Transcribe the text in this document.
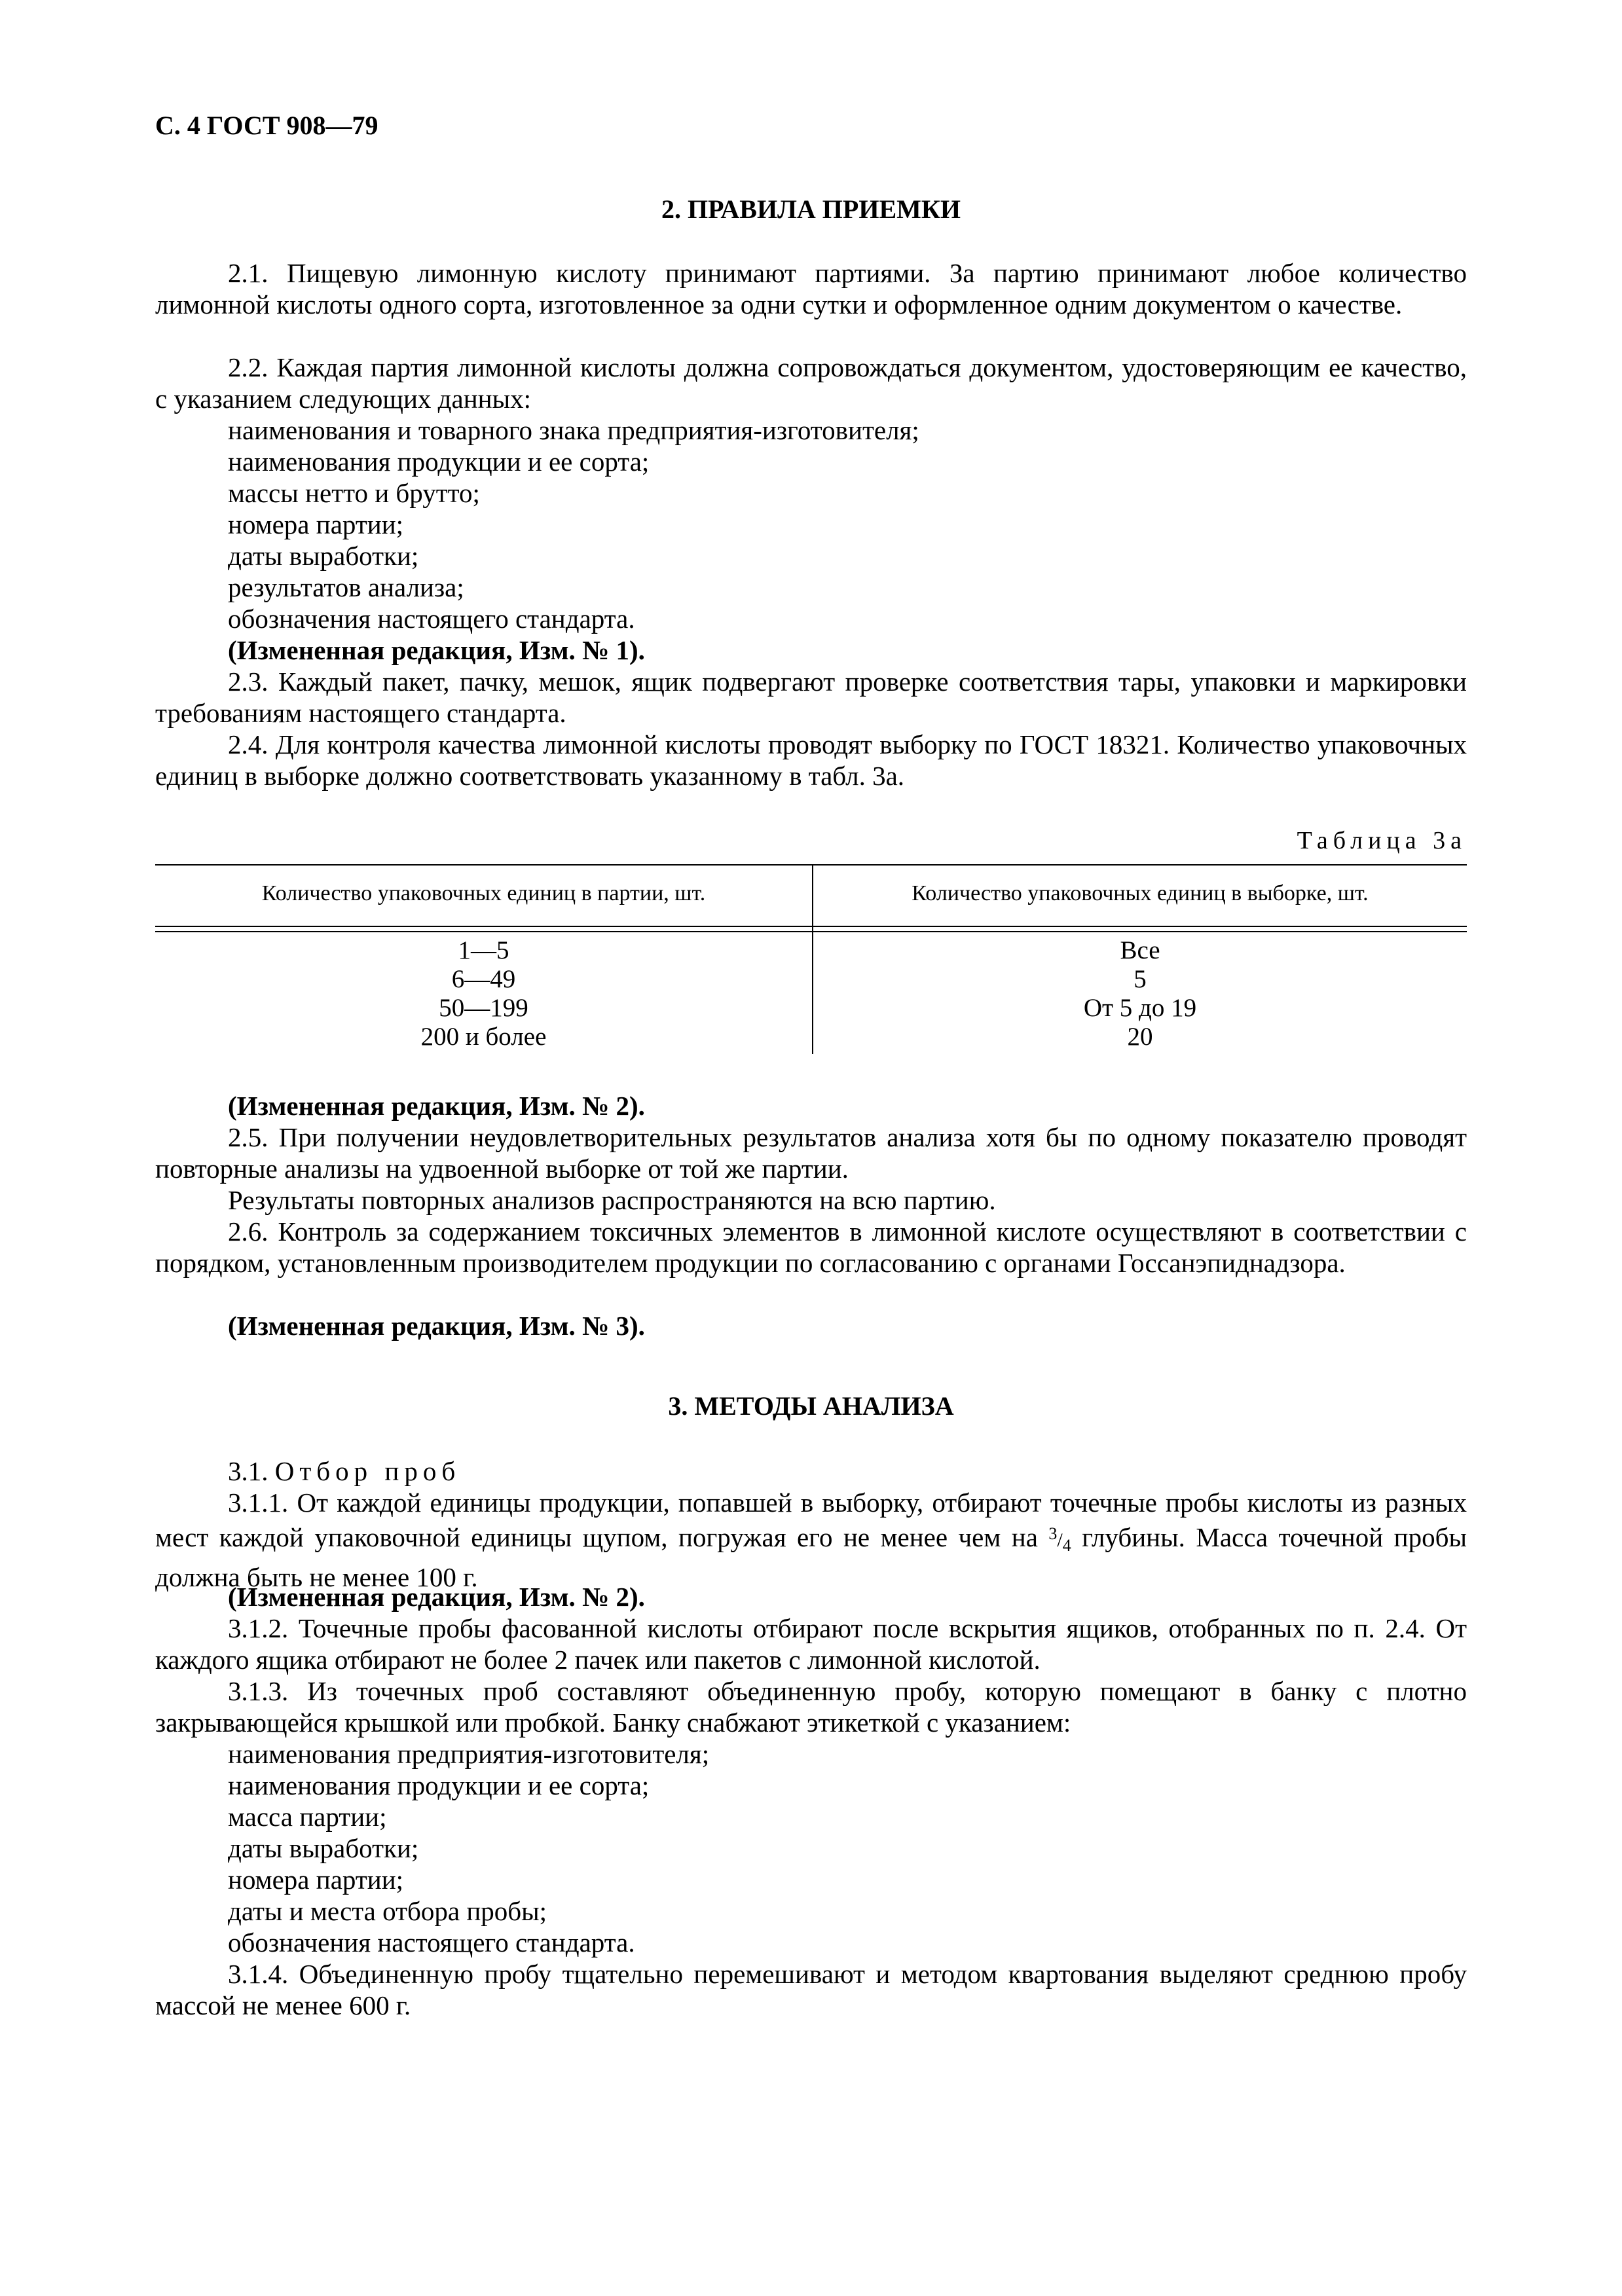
С. 4 ГОСТ 908—79
2. ПРАВИЛА ПРИЕМКИ

2.1. Пищевую лимонную кислоту принимают партиями. За партию принимают любое количество лимонной кислоты одного сорта, изготовленное за одни сутки и оформленное одним документом о качестве.

2.2. Каждая партия лимонной кислоты должна сопровождаться документом, удостоверяющим ее качество, с указанием следующих данных:

наименования и товарного знака предприятия-изготовителя;

наименования продукции и ее сорта;

массы нетто и брутто;

номера партии;

даты выработки;

результатов анализа;

обозначения настоящего стандарта.

(Измененная редакция, Изм. № 1).

2.3. Каждый пакет, пачку, мешок, ящик подвергают проверке соответствия тары, упаковки и маркировки требованиям настоящего стандарта.

2.4. Для контроля качества лимонной кислоты проводят выборку по ГОСТ 18321. Количество упаковочных единиц в выборке должно соответствовать указанному в табл. 3а.

Таблица 3а
Количество упаковочных единиц в партии, шт.	Количество упаковочных единиц в выборке, шт.
1—5	Все
6—49	5
50—199	От 5 до 19
200 и более	20

(Измененная редакция, Изм. № 2).

2.5. При получении неудовлетворительных результатов анализа хотя бы по одному показателю проводят повторные анализы на удвоенной выборке от той же партии.

Результаты повторных анализов распространяются на всю партию.

2.6. Контроль за содержанием токсичных элементов в лимонной кислоте осуществляют в соответствии с порядком, установленным производителем продукции по согласованию с органами Госсанэпиднадзора.

(Измененная редакция, Изм. № 3).

3. МЕТОДЫ АНАЛИЗА

3.1. Отбор проб

3.1.1. От каждой единицы продукции, попавшей в выборку, отбирают точечные пробы кислоты из разных мест каждой упаковочной единицы щупом, погружая его не менее чем на $^3/_4$ глубины. Масса точечной пробы должна быть не менее 100 г.

(Измененная редакция, Изм. № 2).

3.1.2. Точечные пробы фасованной кислоты отбирают после вскрытия ящиков, отобранных по п. 2.4. От каждого ящика отбирают не более 2 пачек или пакетов с лимонной кислотой.

3.1.3. Из точечных проб составляют объединенную пробу, которую помещают в банку с плотно закрывающейся крышкой или пробкой. Банку снабжают этикеткой с указанием:

наименования предприятия-изготовителя;

наименования продукции и ее сорта;

масса партии;

даты выработки;

номера партии;

даты и места отбора пробы;

обозначения настоящего стандарта.

3.1.4. Объединенную пробу тщательно перемешивают и методом квартования выделяют среднюю пробу массой не менее 600 г.
